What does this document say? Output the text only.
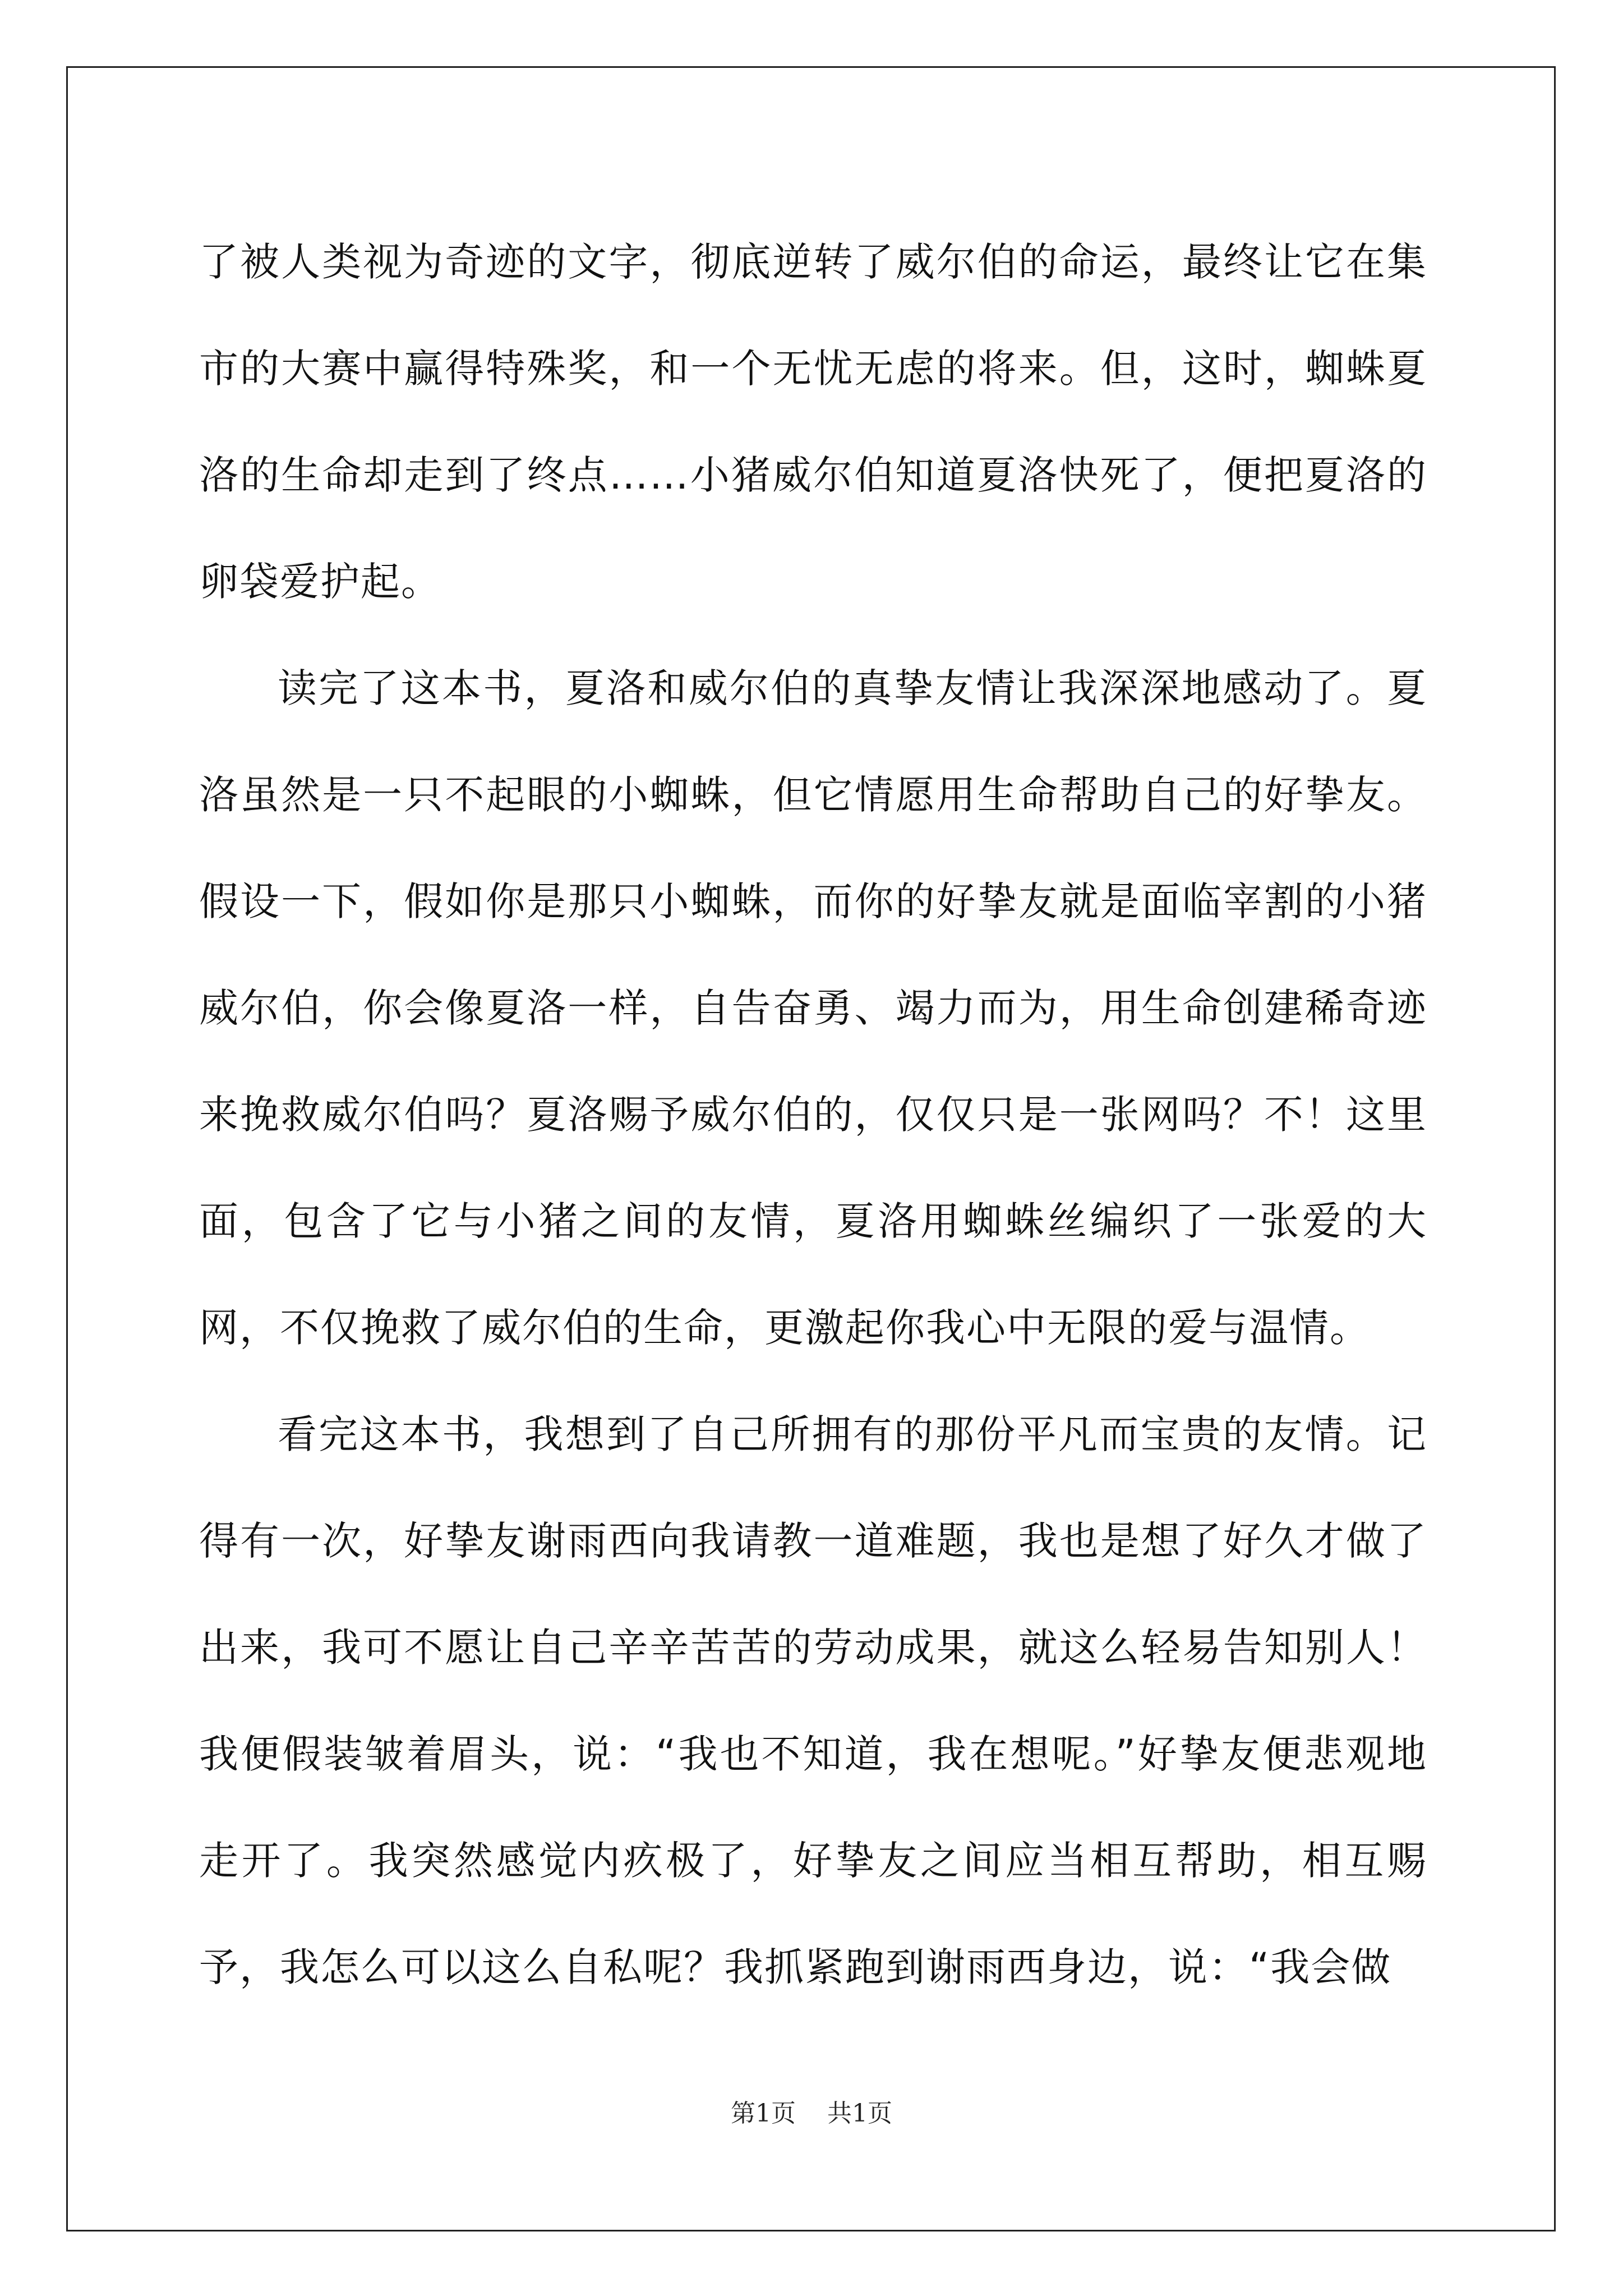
了被人类视为奇迹的文字，彻底逆转了威尔伯的命运，最终让它在集市的大赛中赢得特殊奖，和一个无忧无虑的将来。但，这时，蜘蛛夏洛的生命却走到了终点……小猪威尔伯知道夏洛快死了，便把夏洛的卵袋爱护起。

读完了这本书，夏洛和威尔伯的真挚友情让我深深地感动了。夏洛虽然是一只不起眼的小蜘蛛，但它情愿用生命帮助自己的好挚友。假设一下，假如你是那只小蜘蛛，而你的好挚友就是面临宰割的小猪威尔伯，你会像夏洛一样，自告奋勇、竭力而为，用生命创建稀奇迹来挽救威尔伯吗？夏洛赐予威尔伯的，仅仅只是一张网吗？不！这里面，包含了它与小猪之间的友情，夏洛用蜘蛛丝编织了一张爱的大网，不仅挽救了威尔伯的生命，更激起你我心中无限的爱与温情。

看完这本书，我想到了自己所拥有的那份平凡而宝贵的友情。记得有一次，好挚友谢雨西向我请教一道难题，我也是想了好久才做了出来，我可不愿让自己辛辛苦苦的劳动成果，就这么轻易告知别人！我便假装皱着眉头，说：“我也不知道，我在想呢。”好挚友便悲观地走开了。我突然感觉内疚极了，好挚友之间应当相互帮助，相互赐予，我怎么可以这么自私呢？我抓紧跑到谢雨西身边，说：“我会做

第1页 共1页
